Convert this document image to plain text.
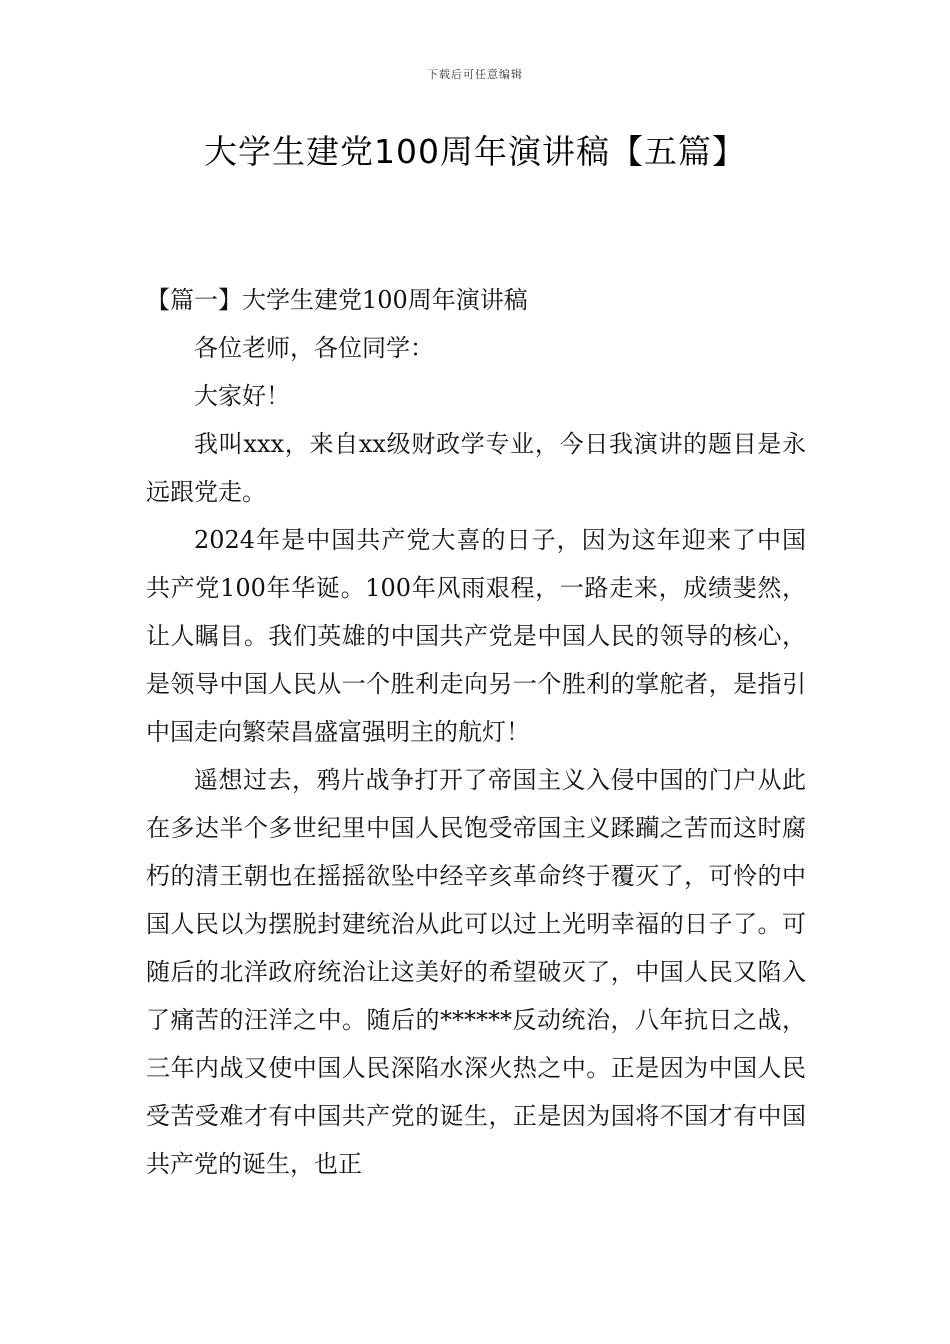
下载后可任意编辑
大学生建党100周年演讲稿【五篇】

【篇一】大学生建党100周年演讲稿

各位老师，各位同学：

大家好！

我叫xxx，来自xx级财政学专业，今日我演讲的题目是永远跟党走。

2024年是中国共产党大喜的日子，因为这年迎来了中国共产党100年华诞。100年风雨艰程，一路走来，成绩斐然，让人瞩目。我们英雄的中国共产党是中国人民的领导的核心，是领导中国人民从一个胜利走向另一个胜利的掌舵者，是指引中国走向繁荣昌盛富强明主的航灯！

遥想过去，鸦片战争打开了帝国主义入侵中国的门户从此在多达半个多世纪里中国人民饱受帝国主义蹂躏之苦而这时腐朽的清王朝也在摇摇欲坠中经辛亥革命终于覆灭了，可怜的中国人民以为摆脱封建统治从此可以过上光明幸福的日子了。可随后的北洋政府统治让这美好的希望破灭了，中国人民又陷入了痛苦的汪洋之中。随后的******反动统治，八年抗日之战，三年内战又使中国人民深陷水深火热之中。正是因为中国人民受苦受难才有中国共产党的诞生，正是因为国将不国才有中国共产党的诞生，也正
